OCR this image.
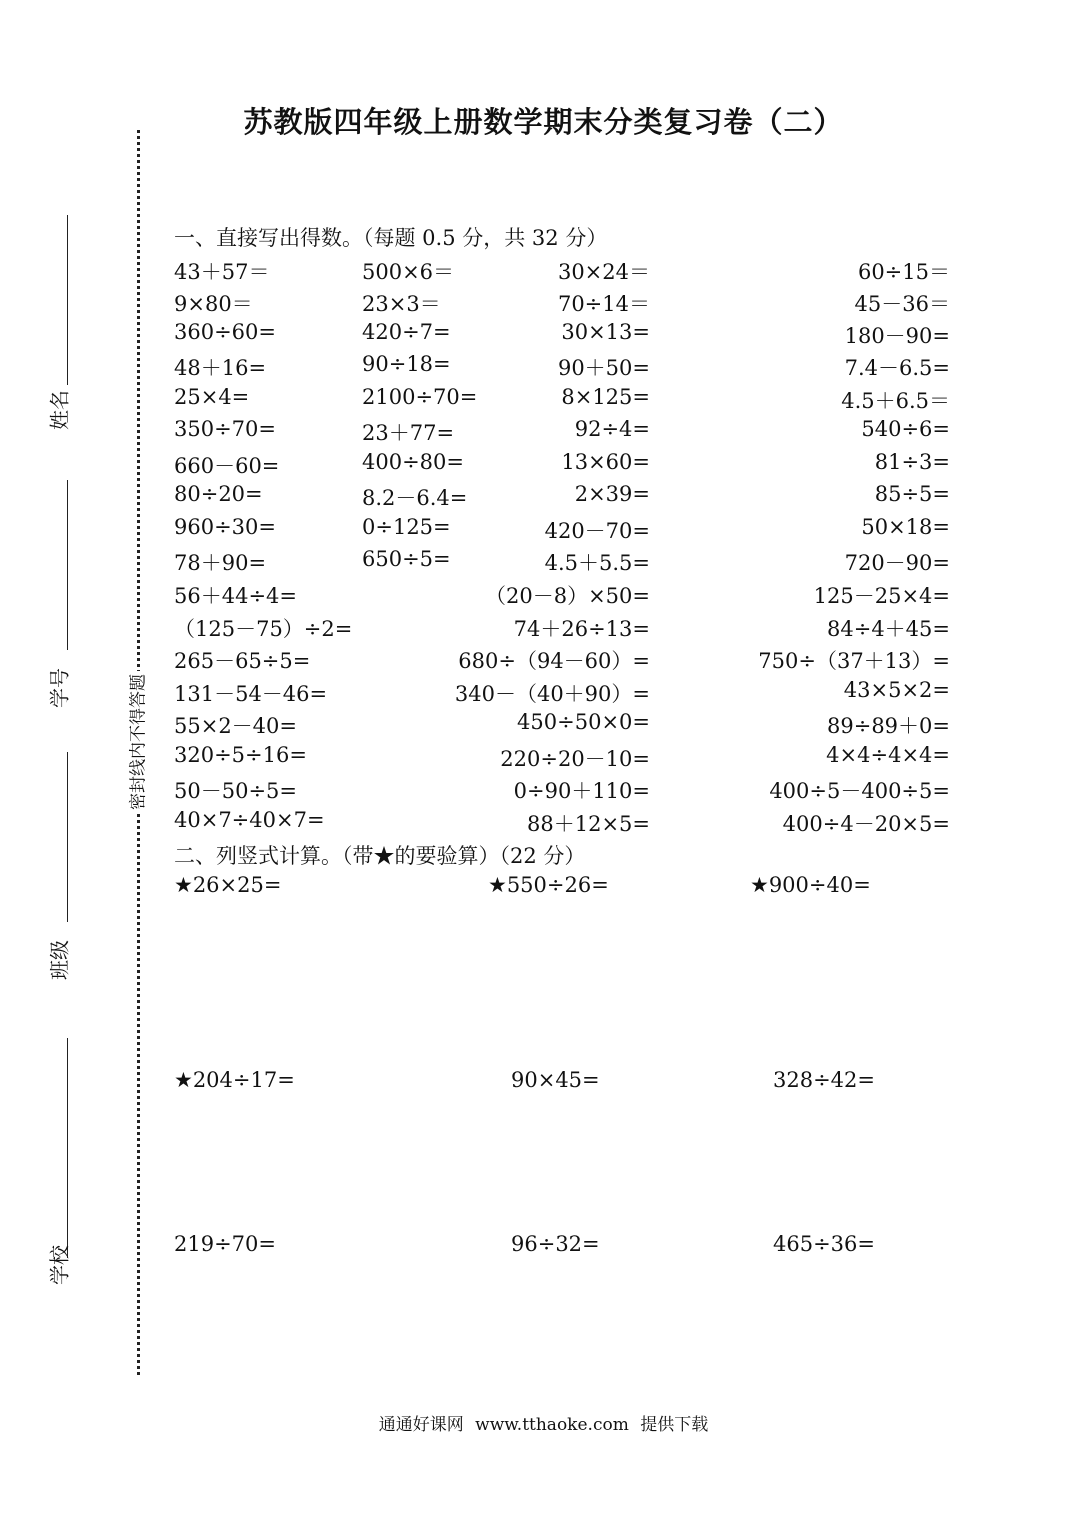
苏教版四年级上册数学期末分类复习卷（二）
密封线内不得答题
姓名
学号
班级
学校
一、直接写出得数。（每题 0.5 分，共 32 分）
43＋57＝	500×6＝	30×24＝	60÷15＝
9×80＝	23×3＝	70÷14＝	45－36＝
360÷60=	420÷7=	30×13=	180－90=
48＋16=	90÷18=	90＋50=	7.4－6.5=
25×4=	2100÷70=	8×125=	4.5＋6.5＝
350÷70=	23＋77=	92÷4=	540÷6=
660－60=	400÷80=	13×60=	81÷3=
80÷20=	8.2－6.4=	2×39=	85÷5=
960÷30=	0÷125=	420－70=	50×18=
78＋90=	650÷5=	4.5＋5.5=	720－90=
56＋44÷4=	（20－8）×50=	125－25×4=
（125－75）÷2=	74＋26÷13=	84÷4＋45=
265－65÷5=	680÷（94－60）=	750÷（37＋13）=
131－54－46=	340－（40＋90）=	43×5×2=
55×2－40=	450÷50×0=	89÷89＋0=
320÷5÷16=	220÷20－10=	4×4÷4×4=
50－50÷5=	0÷90＋110=	400÷5－400÷5=
40×7÷40×7=	88＋12×5=	400÷4－20×5=
二、列竖式计算。（带★的要验算）（22 分）
★26×25=	★550÷26=	★900÷40=
★204÷17=	90×45=	328÷42=
219÷70=	96÷32=	465÷36=
通通好课网 www.tthaoke.com 提供下载
